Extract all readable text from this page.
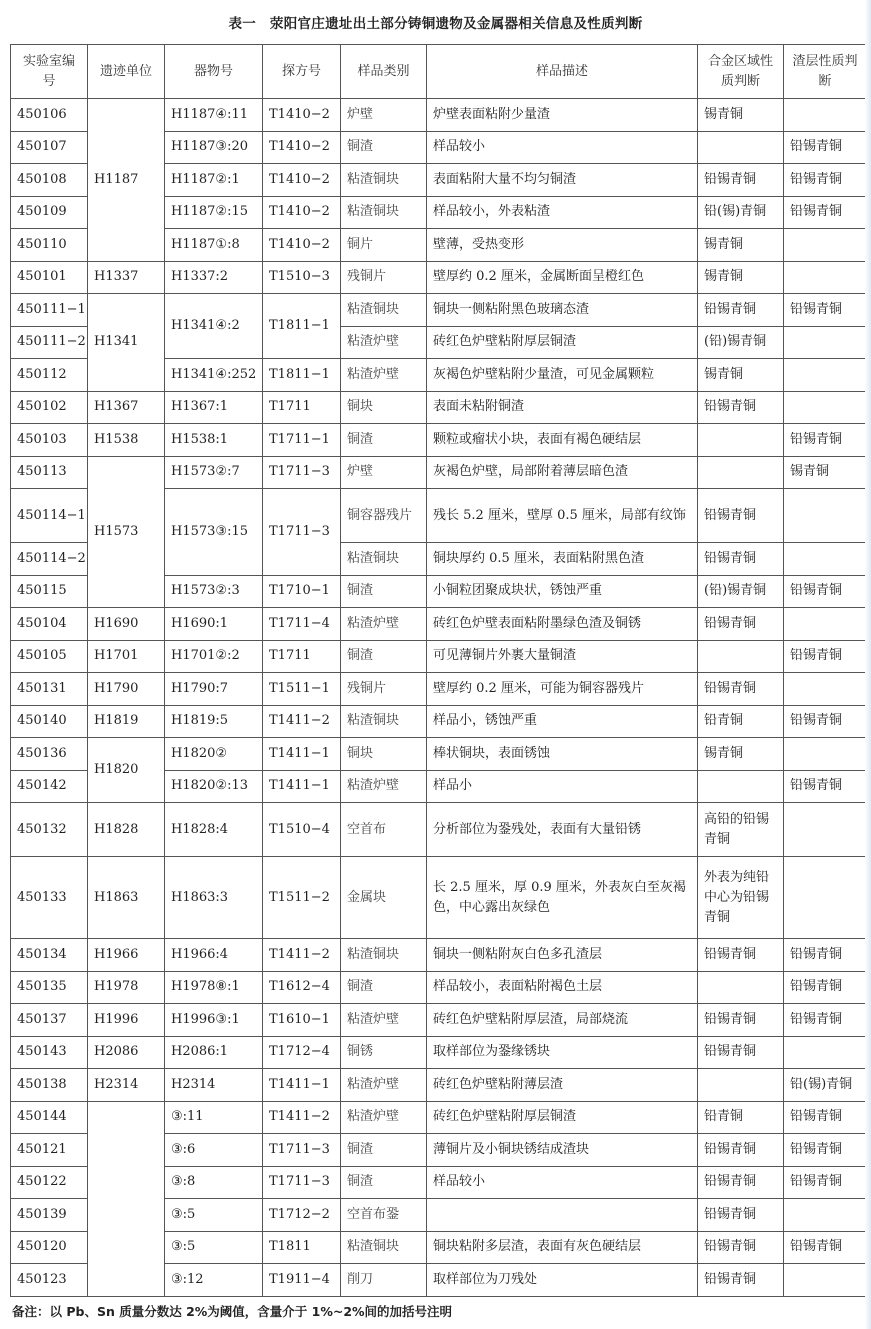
表一　荥阳官庄遗址出土部分铸铜遗物及金属器相关信息及性质判断
实验室编号	遗迹单位	器物号	探方号	样品类别	样品描述	合金区域性质判断	渣层性质判断
450106	H1187	H1187④:11	T1410−2	炉壁	炉壁表面粘附少量渣	锡青铜	
450107		H1187③:20	T1410−2	铜渣	样品较小		铅锡青铜
450108		H1187②:1	T1410−2	粘渣铜块	表面粘附大量不均匀铜渣	铅锡青铜	铅锡青铜
450109		H1187②:15	T1410−2	粘渣铜块	样品较小，外表粘渣	铅(锡)青铜	铅锡青铜
450110		H1187①:8	T1410−2	铜片	壁薄，受热变形	锡青铜	
450101	H1337	H1337:2	T1510−3	残铜片	壁厚约 0.2 厘米，金属断面呈橙红色	锡青铜	
450111−1	H1341	H1341④:2	T1811−1	粘渣铜块	铜块一侧粘附黑色玻璃态渣	铅锡青铜	铅锡青铜
450111−2				粘渣炉壁	砖红色炉壁粘附厚层铜渣	(铅)锡青铜	
450112		H1341④:252	T1811−1	粘渣炉壁	灰褐色炉壁粘附少量渣，可见金属颗粒	锡青铜	
450102	H1367	H1367:1	T1711	铜块	表面未粘附铜渣	铅锡青铜	
450103	H1538	H1538:1	T1711−1	铜渣	颗粒或瘤状小块，表面有褐色硬结层		铅锡青铜
450113	H1573	H1573②:7	T1711−3	炉壁	灰褐色炉壁，局部附着薄层暗色渣		锡青铜
450114−1		H1573③:15	T1711−3	铜容器残片	残长 5.2 厘米，壁厚 0.5 厘米，局部有纹饰	铅锡青铜	
450114−2				粘渣铜块	铜块厚约 0.5 厘米，表面粘附黑色渣	铅锡青铜	
450115		H1573②:3	T1710−1	铜渣	小铜粒团聚成块状，锈蚀严重	(铅)锡青铜	铅锡青铜
450104	H1690	H1690:1	T1711−4	粘渣炉壁	砖红色炉壁表面粘附墨绿色渣及铜锈	铅锡青铜	
450105	H1701	H1701②:2	T1711	铜渣	可见薄铜片外裹大量铜渣		铅锡青铜
450131	H1790	H1790:7	T1511−1	残铜片	壁厚约 0.2 厘米，可能为铜容器残片	铅锡青铜	
450140	H1819	H1819:5	T1411−2	粘渣铜块	样品小，锈蚀严重	铅青铜	铅锡青铜
450136	H1820	H1820②	T1411−1	铜块	棒状铜块，表面锈蚀	锡青铜	
450142		H1820②:13	T1411−1	粘渣炉壁	样品小		铅锡青铜
450132	H1828	H1828:4	T1510−4	空首布	分析部位为銎残处，表面有大量铅锈	高铅的铅锡青铜	
450133	H1863	H1863:3	T1511−2	金属块	长 2.5 厘米，厚 0.9 厘米，外表灰白至灰褐色，中心露出灰绿色	外表为纯铅中心为铅锡青铜	
450134	H1966	H1966:4	T1411−2	粘渣铜块	铜块一侧粘附灰白色多孔渣层	铅锡青铜	铅锡青铜
450135	H1978	H1978⑧:1	T1612−4	铜渣	样品较小，表面粘附褐色土层		铅锡青铜
450137	H1996	H1996③:1	T1610−1	粘渣炉壁	砖红色炉壁粘附厚层渣，局部烧流	铅锡青铜	铅锡青铜
450143	H2086	H2086:1	T1712−4	铜锈	取样部位为銎缘锈块	铅锡青铜	
450138	H2314	H2314	T1411−1	粘渣炉壁	砖红色炉壁粘附薄层渣		铅(锡)青铜
450144		③:11	T1411−2	粘渣炉壁	砖红色炉壁粘附厚层铜渣	铅青铜	铅锡青铜
450121		③:6	T1711−3	铜渣	薄铜片及小铜块锈结成渣块	铅锡青铜	铅锡青铜
450122		③:8	T1711−3	铜渣	样品较小	铅锡青铜	铅锡青铜
450139		③:5	T1712−2	空首布銎		铅锡青铜	
450120		③:5	T1811	粘渣铜块	铜块粘附多层渣，表面有灰色硬结层	铅锡青铜	铅锡青铜
450123		③:12	T1911−4	削刀	取样部位为刀残处	铅锡青铜	
备注：以 Pb、Sn 质量分数达 2%为阈值，含量介于 1%~2%间的加括号注明
